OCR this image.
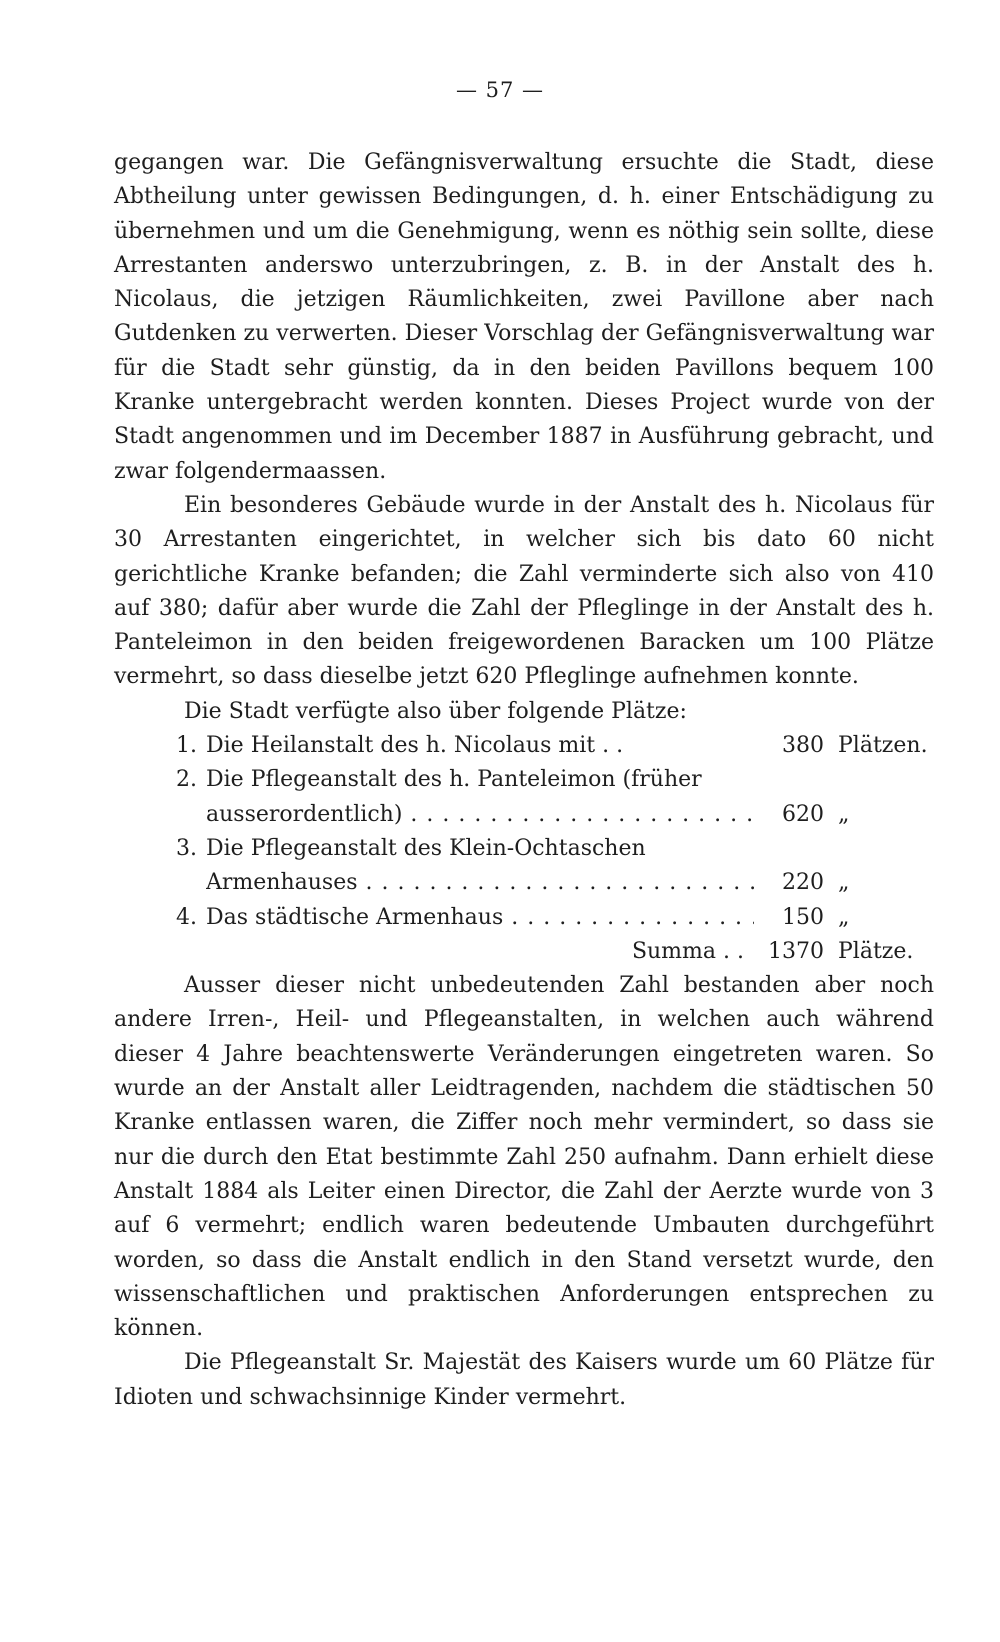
— 57 —

gegangen war. Die Gefängnisverwaltung ersuchte die Stadt, diese Abtheilung unter gewissen Bedingungen, d. h. einer Entschädigung zu übernehmen und um die Genehmigung, wenn es nöthig sein sollte, diese Arrestanten anderswo unterzubringen, z. B. in der Anstalt des h. Nicolaus, die jetzigen Räumlichkeiten, zwei Pavillone aber nach Gutdenken zu verwerten. Dieser Vorschlag der Gefängnisverwaltung war für die Stadt sehr günstig, da in den beiden Pavillons bequem 100 Kranke untergebracht werden konnten. Dieses Project wurde von der Stadt angenommen und im December 1887 in Ausführung gebracht, und zwar folgendermaassen.

Ein besonderes Gebäude wurde in der Anstalt des h. Nicolaus für 30 Arrestanten eingerichtet, in welcher sich bis dato 60 nicht gerichtliche Kranke befanden; die Zahl verminderte sich also von 410 auf 380; dafür aber wurde die Zahl der Pfleglinge in der Anstalt des h. Panteleimon in den beiden freigewordenen Baracken um 100 Plätze vermehrt, so dass dieselbe jetzt 620 Pfleglinge aufnehmen konnte.

Die Stadt verfügte also über folgende Plätze:

1. Die Heilanstalt des h. Nicolaus mit . .	380 Plätzen.
2. Die Pflegeanstalt des h. Panteleimon (früher
ausserordentlich) . . .	620 „
3. Die Pflegeanstalt des Klein-Ochtaschen
Armenhauses . . .	220 „
4. Das städtische Armenhaus . . .	150 „
Summa . .	1370 Plätze.

Ausser dieser nicht unbedeutenden Zahl bestanden aber noch andere Irren-, Heil- und Pflegeanstalten, in welchen auch während dieser 4 Jahre beachtenswerte Veränderungen eingetreten waren. So wurde an der Anstalt aller Leidtragenden, nachdem die städtischen 50 Kranke entlassen waren, die Ziffer noch mehr vermindert, so dass sie nur die durch den Etat bestimmte Zahl 250 aufnahm. Dann erhielt diese Anstalt 1884 als Leiter einen Director, die Zahl der Aerzte wurde von 3 auf 6 vermehrt; endlich waren bedeutende Umbauten durchgeführt worden, so dass die Anstalt endlich in den Stand versetzt wurde, den wissenschaftlichen und praktischen Anforderungen entsprechen zu können.

Die Pflegeanstalt Sr. Majestät des Kaisers wurde um 60 Plätze für Idioten und schwachsinnige Kinder vermehrt.
